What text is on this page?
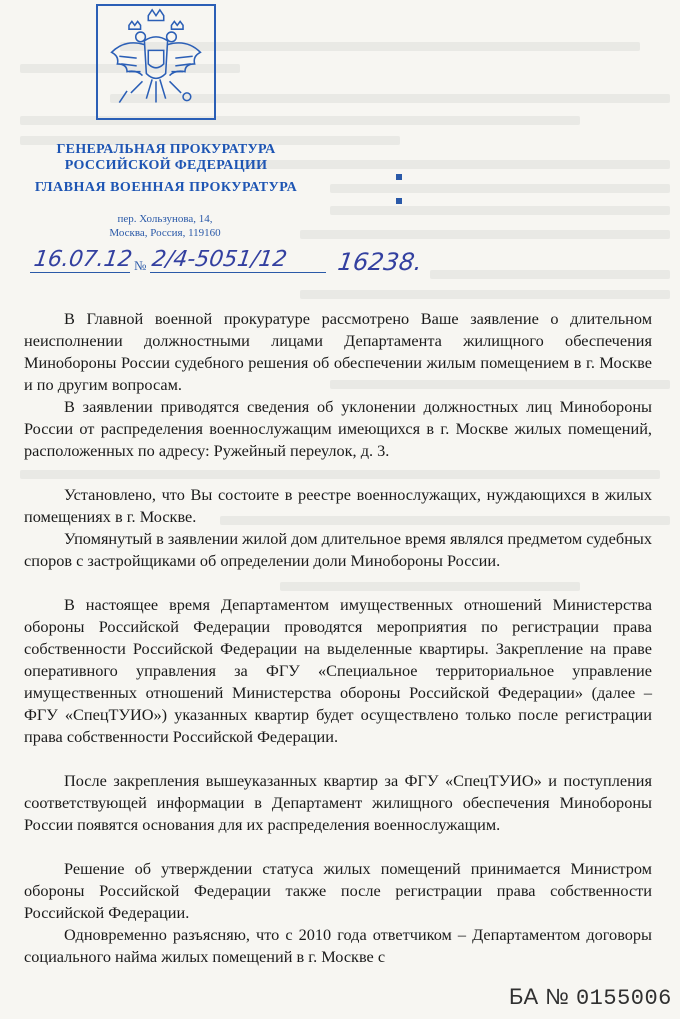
ГЕНЕРАЛЬНАЯ ПРОКУРАТУРА
РОССИЙСКОЙ ФЕДЕРАЦИИ
ГЛАВНАЯ ВОЕННАЯ ПРОКУРАТУРА
пер. Хользунова, 14,
Москва, Россия, 119160
16.07.12 № 2/4-5051/12 16238.

В Главной военной прокуратуре рассмотрено Ваше заявление о длительном неисполнении должностными лицами Департамента жилищного обеспечения Минобороны России судебного решения об обеспечении жилым помещением в г. Москве и по другим вопросам.

В заявлении приводятся сведения об уклонении должностных лиц Минобороны России от распределения военнослужащим имеющихся в г. Москве жилых помещений, расположенных по адресу: Ружейный переулок, д. 3.

Установлено, что Вы состоите в реестре военнослужащих, нуждающихся в жилых помещениях в г. Москве.

Упомянутый в заявлении жилой дом длительное время являлся предметом судебных споров с застройщиками об определении доли Минобороны России.

В настоящее время Департаментом имущественных отношений Министерства обороны Российской Федерации проводятся мероприятия по регистрации права собственности Российской Федерации на выделенные квартиры. Закрепление на праве оперативного управления за ФГУ «Специальное территориальное управление имущественных отношений Министерства обороны Российской Федерации» (далее – ФГУ «СпецТУИО») указанных квартир будет осуществлено только после регистрации права собственности Российской Федерации.

После закрепления вышеуказанных квартир за ФГУ «СпецТУИО» и поступления соответствующей информации в Департамент жилищного обеспечения Минобороны России появятся основания для их распределения военнослужащим.

Решение об утверждении статуса жилых помещений принимается Министром обороны Российской Федерации также после регистрации права собственности Российской Федерации.

Одновременно разъясняю, что с 2010 года ответчиком – Департаментом договоры социального найма жилых помещений в г. Москве с

БА № 0155006
